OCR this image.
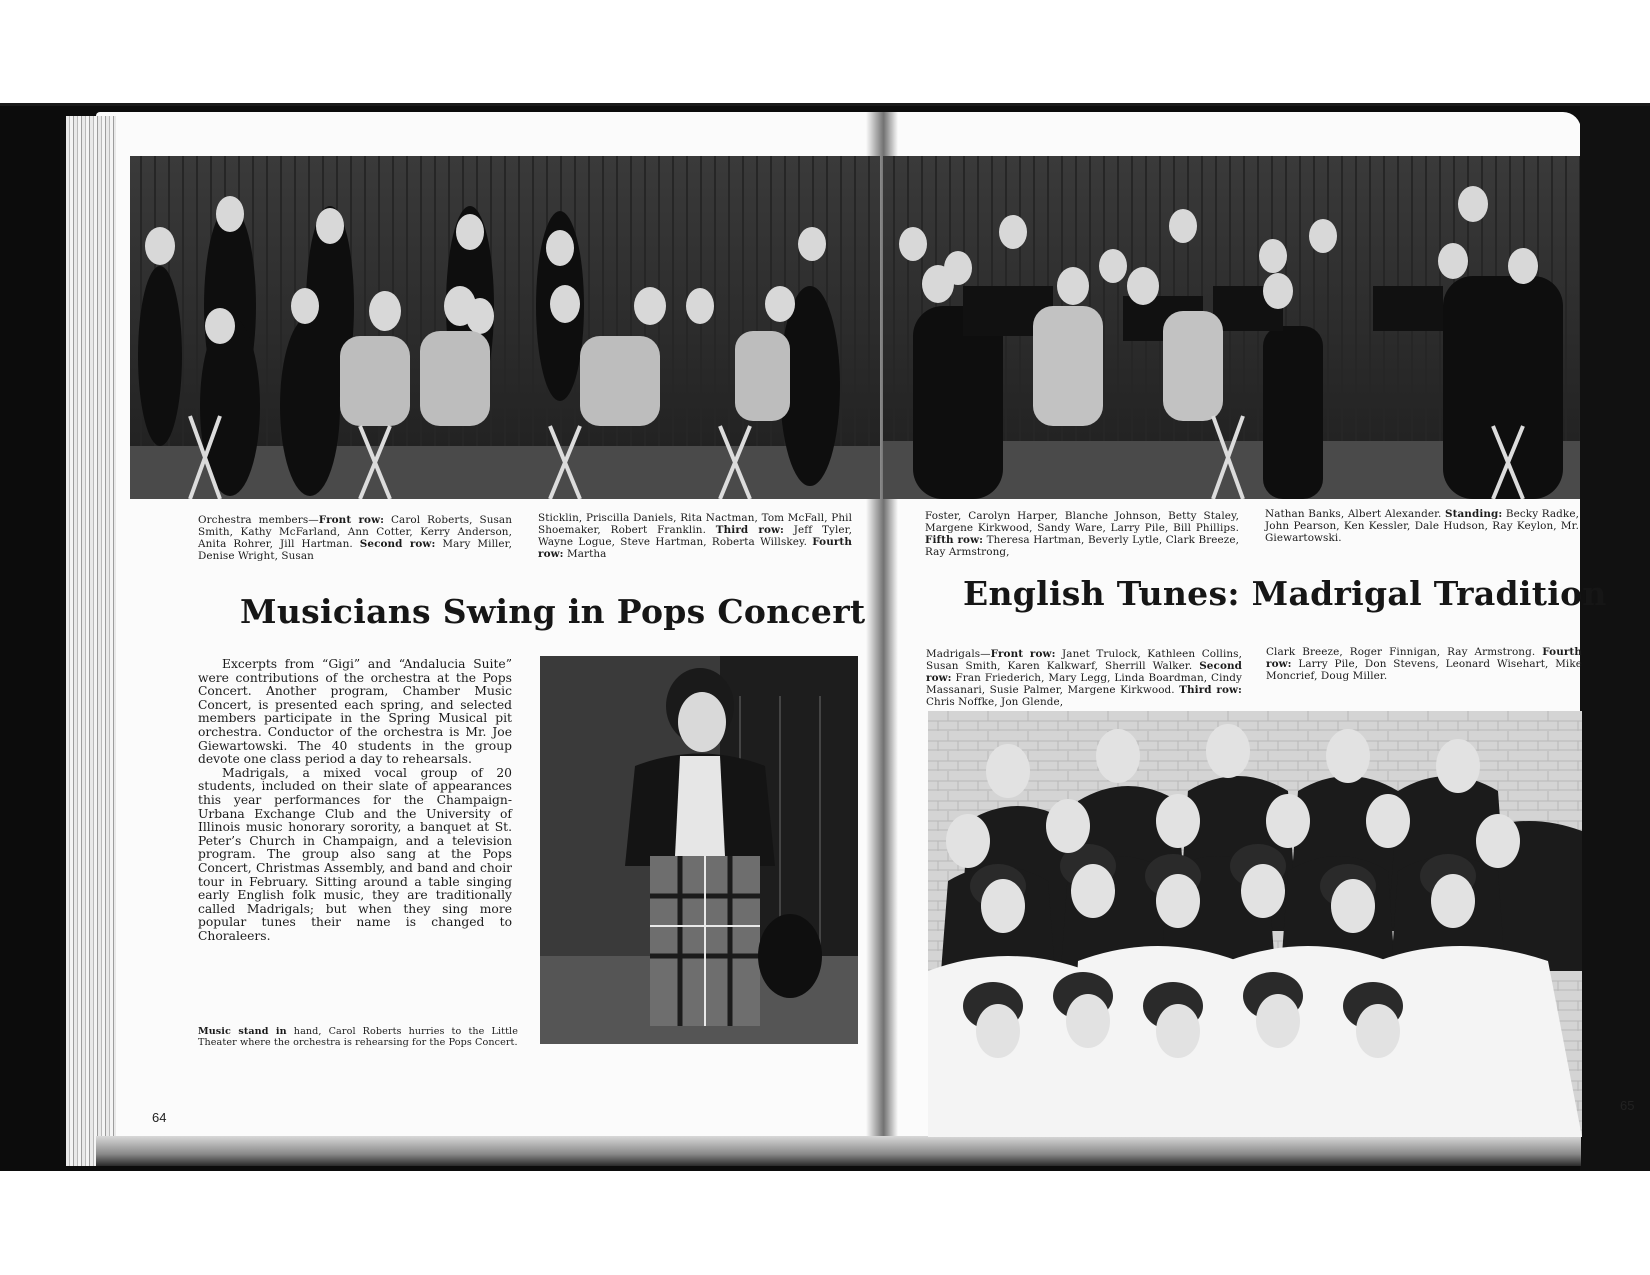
Orchestra members—Front row: Carol Roberts, Susan Smith, Kathy McFarland, Ann Cotter, Kerry Anderson, Anita Rohrer, Jill Hartman. Second row: Mary Miller, Denise Wright, Susan
Sticklin, Priscilla Daniels, Rita Nactman, Tom McFall, Phil Shoemaker, Robert Franklin. Third row: Jeff Tyler, Wayne Logue, Steve Hartman, Roberta Willskey. Fourth row: Martha
Foster, Carolyn Harper, Blanche Johnson, Betty Staley, Margene Kirkwood, Sandy Ware, Larry Pile, Bill Phillips. Fifth row: Theresa Hartman, Beverly Lytle, Clark Breeze, Ray Armstrong,
Nathan Banks, Albert Alexander. Standing: Becky Radke, John Pearson, Ken Kessler, Dale Hudson, Ray Keylon, Mr. Giewartowski.
Musicians Swing in Pops Concert	English Tunes: Madrigal Tradition

Excerpts from “Gigi” and “Andalucia Suite” were contributions of the orchestra at the Pops Concert. Another program, Chamber Music Concert, is presented each spring, and selected members participate in the Spring Musical pit orchestra. Conductor of the orchestra is Mr. Joe Giewartowski. The 40 students in the group devote one class period a day to rehearsals.

Madrigals, a mixed vocal group of 20 students, included on their slate of appearances this year performances for the Champaign-Urbana Exchange Club and the University of Illinois music honorary sorority, a banquet at St. Peter’s Church in Champaign, and a television program. The group also sang at the Pops Concert, Christmas Assembly, and band and choir tour in February. Sitting around a table singing early English folk music, they are traditionally called Madrigals; but when they sing more popular tunes their name is changed to Choraleers.

Music stand in hand, Carol Roberts hurries to the Little Theater where the orchestra is rehearsing for the Pops Concert.
Madrigals—Front row: Janet Trulock, Kathleen Collins, Susan Smith, Karen Kalkwarf, Sherrill Walker. Second row: Fran Friederich, Mary Legg, Linda Boardman, Cindy Massanari, Susie Palmer, Margene Kirkwood. Third row: Chris Noffke, Jon Glende,
Clark Breeze, Roger Finnigan, Ray Armstrong. Fourth row: Larry Pile, Don Stevens, Leonard Wisehart, Mike Moncrief, Doug Miller.
64
65
